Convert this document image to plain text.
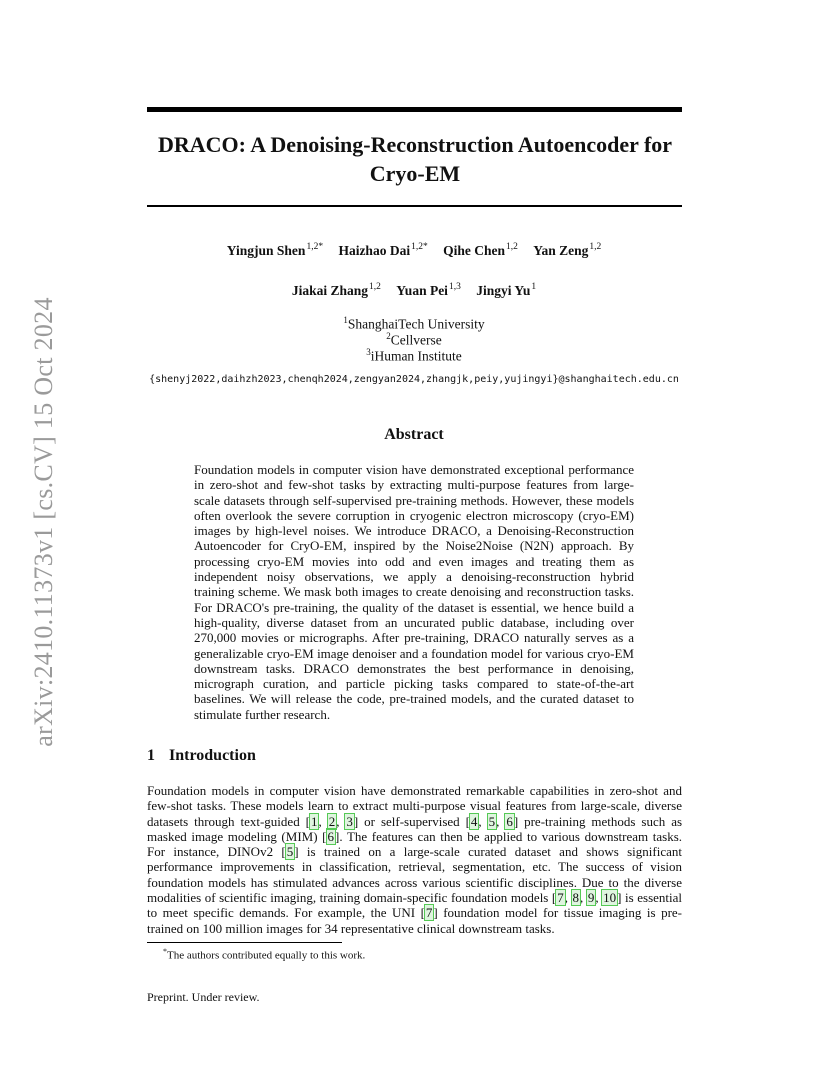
DRACO: A Denoising-Reconstruction Autoencoder for Cryo-EM
arXiv:2410.11373v1 [cs.CV] 15 Oct 2024
Yingjun Shen$^{1,2*}$ Haizhao Dai$^{1,2*}$ Qihe Chen$^{1,2}$ Yan Zeng$^{1,2}$
Jiakai Zhang$^{1,2}$ Yuan Pei$^{1,3}$ Jingyi Yu$^1$
$^1$ShanghaiTech University
$^2$Cellverse
$^3$iHuman Institute
{shenyj2022,daihzh2023,chenqh2024,zengyan2024,zhangjk,peiy,yujingyi}@shanghaitech.edu.cn
Abstract
Foundation models in computer vision have demonstrated exceptional performance in zero-shot and few-shot tasks by extracting multi-purpose features from large-scale datasets through self-supervised pre-training methods. However, these models often overlook the severe corruption in cryogenic electron microscopy (cryo-EM) images by high-level noises. We introduce DRACO, a Denoising-Reconstruction Autoencoder for CryO-EM, inspired by the Noise2Noise (N2N) approach. By processing cryo-EM movies into odd and even images and treating them as independent noisy observations, we apply a denoising-reconstruction hybrid training scheme. We mask both images to create denoising and reconstruction tasks. For DRACO's pre-training, the quality of the dataset is essential, we hence build a high-quality, diverse dataset from an uncurated public database, including over 270,000 movies or micrographs. After pre-training, DRACO naturally serves as a generalizable cryo-EM image denoiser and a foundation model for various cryo-EM downstream tasks. DRACO demonstrates the best performance in denoising, micrograph curation, and particle picking tasks compared to state-of-the-art baselines. We will release the code, pre-trained models, and the curated dataset to stimulate further research.
1 Introduction
Foundation models in computer vision have demonstrated remarkable capabilities in zero-shot and few-shot tasks. These models learn to extract multi-purpose visual features from large-scale, diverse datasets through text-guided [1, 2, 3] or self-supervised [4, 5, 6] pre-training methods such as masked image modeling (MIM) [6]. The features can then be applied to various downstream tasks. For instance, DINOv2 [5] is trained on a large-scale curated dataset and shows significant performance improvements in classification, retrieval, segmentation, etc. The success of vision foundation models has stimulated advances across various scientific disciplines. Due to the diverse modalities of scientific imaging, training domain-specific foundation models [7, 8, 9, 10] is essential to meet specific demands. For example, the UNI [7] foundation model for tissue imaging is pre-trained on 100 million images for 34 representative clinical downstream tasks.
*The authors contributed equally to this work.
Preprint. Under review.
